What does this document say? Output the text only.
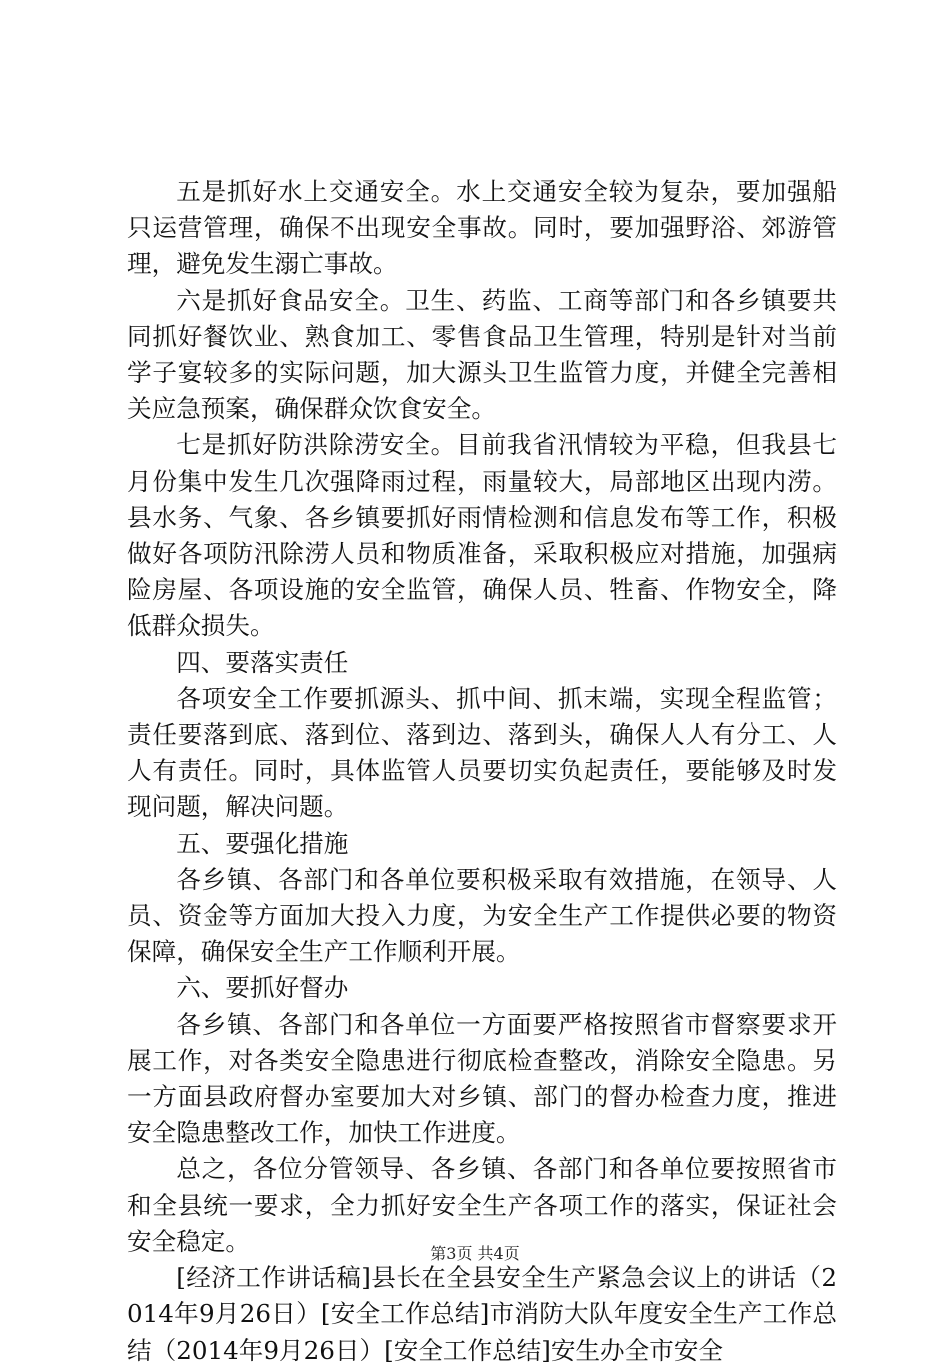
五是抓好水上交通安全。水上交通安全较为复杂，要加强船只运营管理，确保不出现安全事故。同时，要加强野浴、郊游管理，避免发生溺亡事故。

六是抓好食品安全。卫生、药监、工商等部门和各乡镇要共同抓好餐饮业、熟食加工、零售食品卫生管理，特别是针对当前学子宴较多的实际问题，加大源头卫生监管力度，并健全完善相关应急预案，确保群众饮食安全。

七是抓好防洪除涝安全。目前我省汛情较为平稳，但我县七月份集中发生几次强降雨过程，雨量较大，局部地区出现内涝。县水务、气象、各乡镇要抓好雨情检测和信息发布等工作，积极做好各项防汛除涝人员和物质准备，采取积极应对措施，加强病险房屋、各项设施的安全监管，确保人员、牲畜、作物安全，降低群众损失。

四、要落实责任

各项安全工作要抓源头、抓中间、抓末端，实现全程监管；责任要落到底、落到位、落到边、落到头，确保人人有分工、人人有责任。同时，具体监管人员要切实负起责任，要能够及时发现问题，解决问题。

五、要强化措施

各乡镇、各部门和各单位要积极采取有效措施，在领导、人员、资金等方面加大投入力度，为安全生产工作提供必要的物资保障，确保安全生产工作顺利开展。

六、要抓好督办

各乡镇、各部门和各单位一方面要严格按照省市督察要求开展工作，对各类安全隐患进行彻底检查整改，消除安全隐患。另一方面县政府督办室要加大对乡镇、部门的督办检查力度，推进安全隐患整改工作，加快工作进度。

总之，各位分管领导、各乡镇、各部门和各单位要按照省市和全县统一要求，全力抓好安全生产各项工作的落实，保证社会安全稳定。

[经济工作讲话稿]县长在全县安全生产紧急会议上的讲话（2014年9月26日）[安全工作总结]市消防大队年度安全生产工作总结（2014年9月26日）[安全工作总结]安生办全市安全

第3页 共4页
